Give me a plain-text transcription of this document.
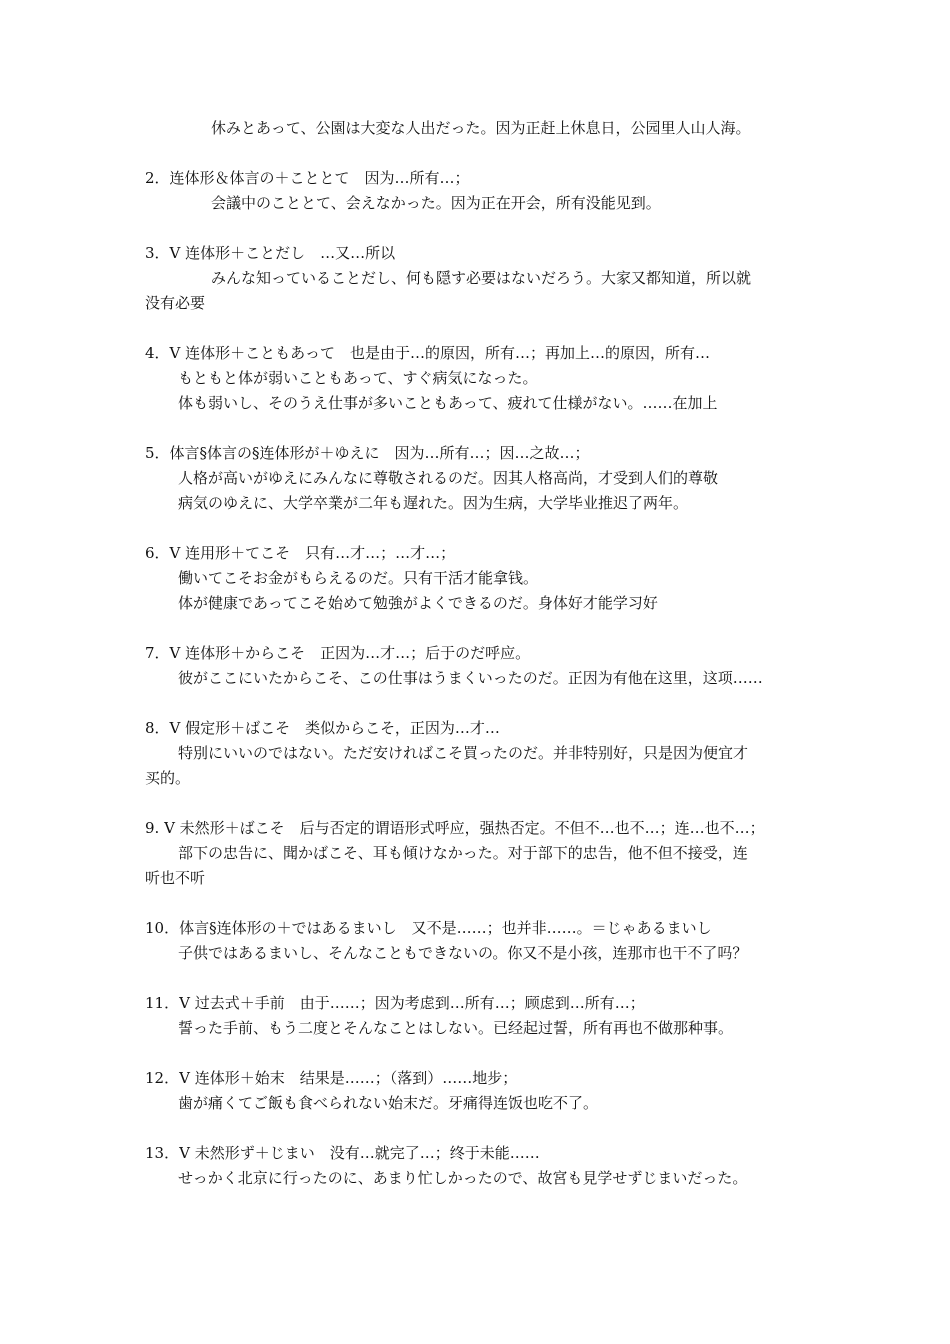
休みとあって、公園は大変な人出だった。因为正赶上休息日，公园里人山人海。
2．连体形＆体言の＋こととて　因为…所有…；
会議中のこととて、会えなかった。因为正在开会，所有没能见到。
3．V 连体形＋ことだし　…又…所以
みんな知っていることだし、何も隠す必要はないだろう。大家又都知道，所以就
没有必要
4．V 连体形＋こともあって　也是由于…的原因，所有…；再加上…的原因，所有…
もともと体が弱いこともあって、すぐ病気になった。
体も弱いし、そのうえ仕事が多いこともあって、疲れて仕様がない。……在加上
5．体言§体言の§连体形が＋ゆえに　因为…所有…；因…之故…；
人格が高いがゆえにみんなに尊敬されるのだ。因其人格高尚，才受到人们的尊敬
病気のゆえに、大学卒業が二年も遅れた。因为生病，大学毕业推迟了两年。
6．V 连用形＋てこそ　只有…才…；…才…；
働いてこそお金がもらえるのだ。只有干活才能拿钱。
体が健康であってこそ始めて勉強がよくできるのだ。身体好才能学习好
7．V 连体形＋からこそ　正因为…才…；后于のだ呼应。
彼がここにいたからこそ、この仕事はうまくいったのだ。正因为有他在这里，这项……
8．V 假定形＋ばこそ　类似からこそ，正因为…才…
特別にいいのではない。ただ安ければこそ買ったのだ。并非特别好，只是因为便宜才
买的。
9. V 未然形＋ばこそ　后与否定的谓语形式呼应，强热否定。不但不…也不…；连…也不…；
部下の忠告に、聞かばこそ、耳も傾けなかった。对于部下的忠告，他不但不接受，连
听也不听
10．体言§连体形の＋ではあるまいし　又不是……；也并非……。＝じゃあるまいし
子供ではあるまいし、そんなこともできないの。你又不是小孩，连那市也干不了吗？
11．V 过去式＋手前　由于……；因为考虑到…所有…；顾虑到…所有…；
誓った手前、もう二度とそんなことはしない。已经起过誓，所有再也不做那种事。
12．V 连体形＋始末　结果是……；（落到）……地步；
歯が痛くてご飯も食べられない始末だ。牙痛得连饭也吃不了。
13．V 未然形ず＋じまい　没有…就完了…；终于未能……
せっかく北京に行ったのに、あまり忙しかったので、故宮も見学せずじまいだった。
